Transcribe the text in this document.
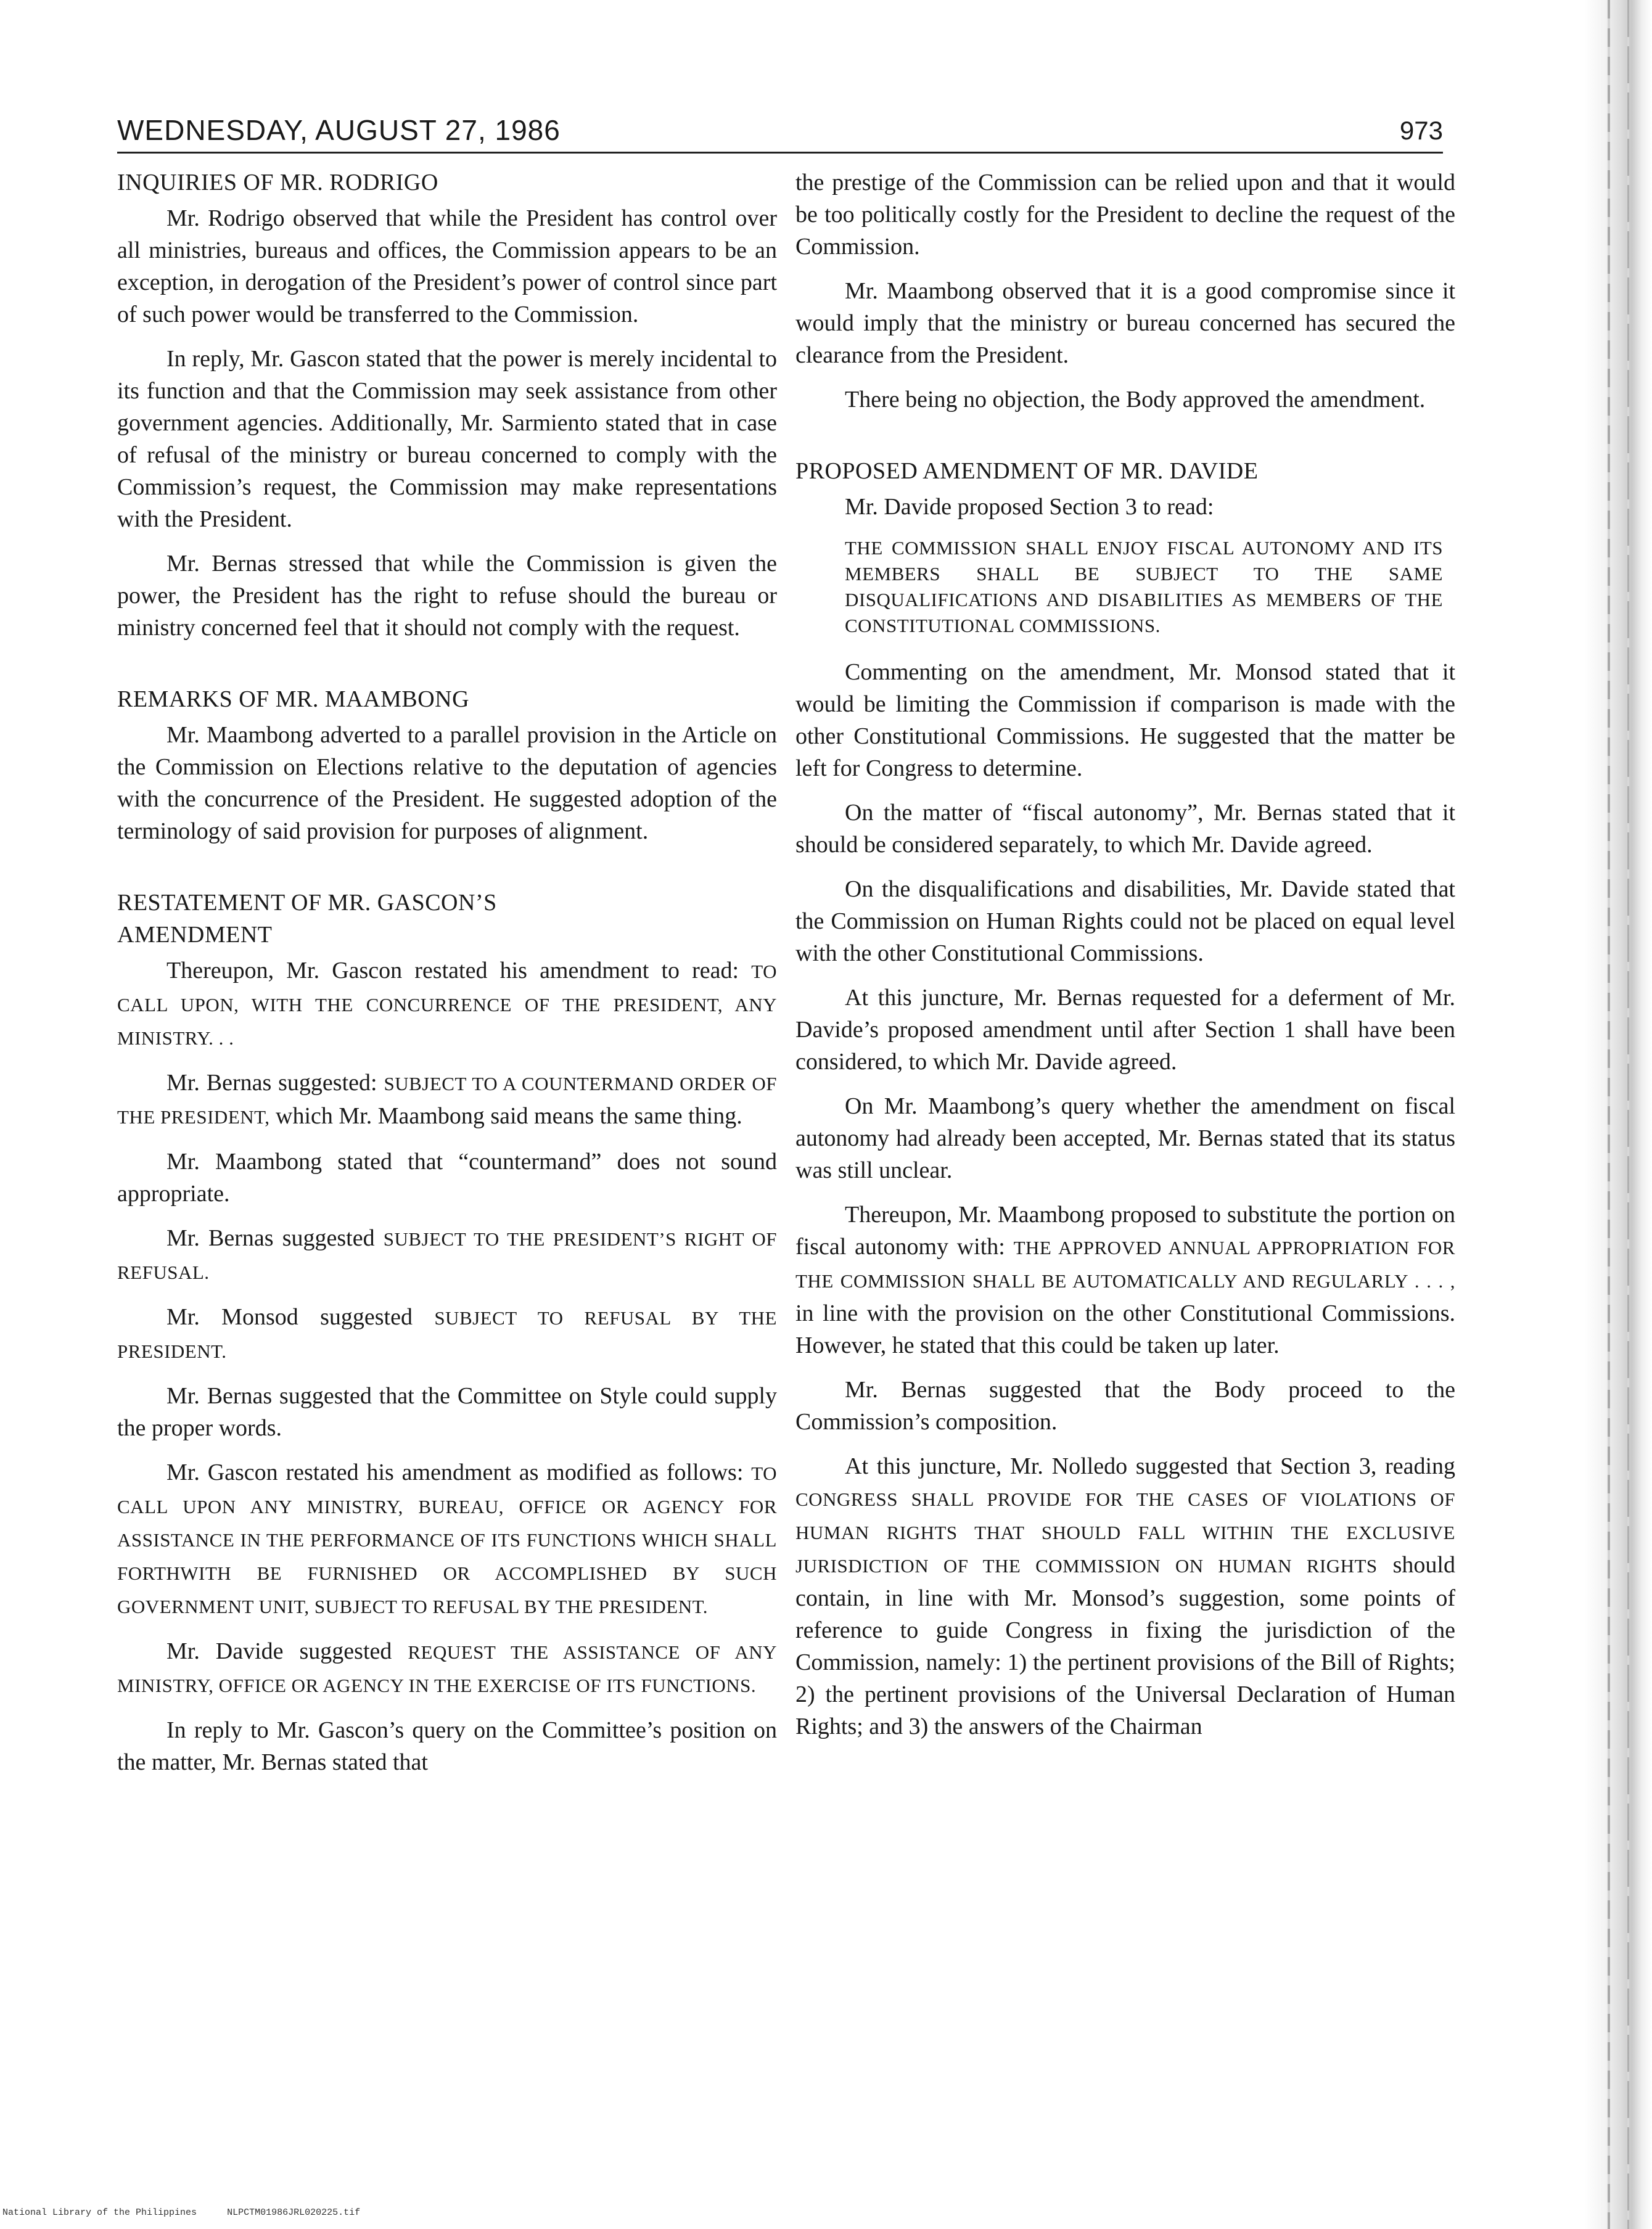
WEDNESDAY, AUGUST 27, 1986	973

INQUIRIES OF MR. RODRIGO

Mr. Rodrigo observed that while the President has control over all ministries, bureaus and offices, the Commission appears to be an exception, in derogation of the President’s power of control since part of such power would be transferred to the Commission.

In reply, Mr. Gascon stated that the power is merely incidental to its function and that the Commission may seek assistance from other government agencies. Additionally, Mr. Sarmiento stated that in case of refusal of the ministry or bureau concerned to comply with the Commission’s request, the Commission may make representations with the President.

Mr. Bernas stressed that while the Commission is given the power, the President has the right to refuse should the bureau or ministry concerned feel that it should not comply with the request.

REMARKS OF MR. MAAMBONG

Mr. Maambong adverted to a parallel provision in the Article on the Commission on Elections relative to the deputation of agencies with the concurrence of the President. He suggested adoption of the terminology of said provision for purposes of alignment.

RESTATEMENT OF MR. GASCON’S

AMENDMENT

Thereupon, Mr. Gascon restated his amendment to read: TO CALL UPON, WITH THE CONCURRENCE OF THE PRESIDENT, ANY MINISTRY. . .

Mr. Bernas suggested: SUBJECT TO A COUNTERMAND ORDER OF THE PRESIDENT, which Mr. Maambong said means the same thing.

Mr. Maambong stated that “countermand” does not sound appropriate.

Mr. Bernas suggested SUBJECT TO THE PRESIDENT’S RIGHT OF REFUSAL.

Mr. Monsod suggested SUBJECT TO REFUSAL BY THE PRESIDENT.

Mr. Bernas suggested that the Committee on Style could supply the proper words.

Mr. Gascon restated his amendment as modified as follows: TO CALL UPON ANY MINISTRY, BUREAU, OFFICE OR AGENCY FOR ASSISTANCE IN THE PERFORMANCE OF ITS FUNCTIONS WHICH SHALL FORTHWITH BE FURNISHED OR ACCOMPLISHED BY SUCH GOVERNMENT UNIT, SUBJECT TO REFUSAL BY THE PRESIDENT.

Mr. Davide suggested REQUEST THE ASSISTANCE OF ANY MINISTRY, OFFICE OR AGENCY IN THE EXERCISE OF ITS FUNCTIONS.

In reply to Mr. Gascon’s query on the Committee’s position on the matter, Mr. Bernas stated that

the prestige of the Commission can be relied upon and that it would be too politically costly for the President to decline the request of the Commission.

Mr. Maambong observed that it is a good compromise since it would imply that the ministry or bureau concerned has secured the clearance from the President.

There being no objection, the Body approved the amendment.

PROPOSED AMENDMENT OF MR. DAVIDE

Mr. Davide proposed Section 3 to read:

THE COMMISSION SHALL ENJOY FISCAL AUTONOMY AND ITS MEMBERS SHALL BE SUBJECT TO THE SAME DISQUALIFICATIONS AND DISABILITIES AS MEMBERS OF THE CONSTITUTIONAL COMMISSIONS.

Commenting on the amendment, Mr. Monsod stated that it would be limiting the Commission if comparison is made with the other Constitutional Commissions. He suggested that the matter be left for Congress to determine.

On the matter of “fiscal autonomy”, Mr. Bernas stated that it should be considered separately, to which Mr. Davide agreed.

On the disqualifications and disabilities, Mr. Davide stated that the Commission on Human Rights could not be placed on equal level with the other Constitutional Commissions.

At this juncture, Mr. Bernas requested for a deferment of Mr. Davide’s proposed amendment until after Section 1 shall have been considered, to which Mr. Davide agreed.

On Mr. Maambong’s query whether the amendment on fiscal autonomy had already been accepted, Mr. Bernas stated that its status was still unclear.

Thereupon, Mr. Maambong proposed to substitute the portion on fiscal autonomy with: THE APPROVED ANNUAL APPROPRIATION FOR THE COMMISSION SHALL BE AUTOMATICALLY AND REGULARLY . . . , in line with the provision on the other Constitutional Commissions. However, he stated that this could be taken up later.

Mr. Bernas suggested that the Body proceed to the Commission’s composition.

At this juncture, Mr. Nolledo suggested that Section 3, reading CONGRESS SHALL PROVIDE FOR THE CASES OF VIOLATIONS OF HUMAN RIGHTS THAT SHOULD FALL WITHIN THE EXCLUSIVE JURISDICTION OF THE COMMISSION ON HUMAN RIGHTS should contain, in line with Mr. Monsod’s suggestion, some points of reference to guide Congress in fixing the jurisdiction of the Commission, namely: 1) the pertinent provisions of the Bill of Rights; 2) the pertinent provisions of the Universal Declaration of Human Rights; and 3) the answers of the Chairman

National Library of the Philippines	NLPCTM01986JRL020225.tif
